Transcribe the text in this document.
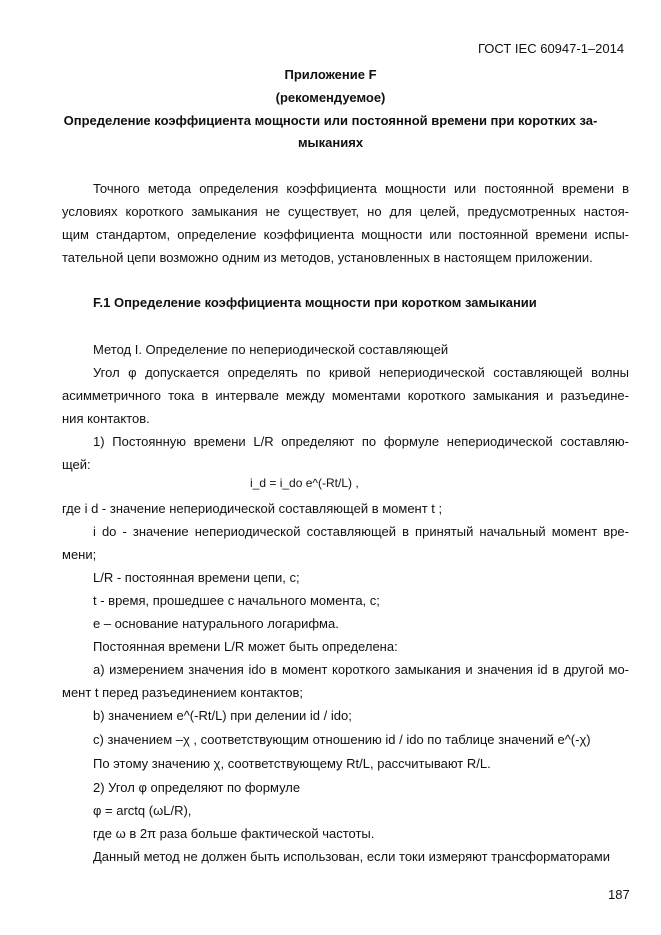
ГОСТ IEC 60947-1–2014
Приложение F
(рекомендуемое)
Определение коэффициента мощности или постоянной времени при коротких за-
мыканиях
Точного метода определения коэффициента мощности или постоянной времени в
условиях короткого замыкания не существует, но для целей, предусмотренных настоя-
щим стандартом, определение коэффициента мощности или постоянной времени испы-
тательной цепи возможно одним из методов, установленных в настоящем приложении.
F.1 Определение коэффициента мощности при коротком замыкании
Метод I. Определение по непериодической составляющей
Угол φ допускается определять по кривой непериодической составляющей волны
асимметричного тока в интервале между моментами короткого замыкания и разъедине-
ния контактов.
1) Постоянную времени L/R определяют по формуле непериодической составляю-
щей:
i_d = i_do e^(-Rt/L) ,
где i d - значение непериодической составляющей в момент t ;
i do - значение непериодической составляющей в принятый начальный момент вре-
мени;
L/R - постоянная времени цепи, с;
t - время, прошедшее с начального момента, с;
e – основание натурального логарифма.
Постоянная времени L/R может быть определена:
a) измерением значения ido в момент короткого замыкания и значения id в другой мо-
мент t перед разъединением контактов;
b) значением e^(-Rt/L) при делении id / ido;
c) значением –χ , соответствующим отношению id / ido по таблице значений e^(-χ)
По этому значению χ, соответствующему Rt/L, рассчитывают R/L.
2) Угол φ определяют по формуле
φ = arctq (ωL/R),
где ω в 2π раза больше фактической частоты.
Данный метод не должен быть использован, если токи измеряют трансформаторами
187
